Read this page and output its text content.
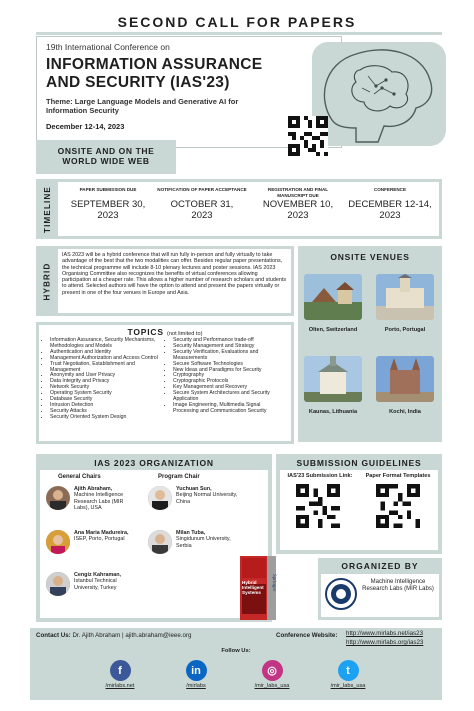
SECOND CALL FOR PAPERS
19th International Conference on
INFORMATION ASSURANCE
AND SECURITY (IAS'23)
Theme: Large Language Models and Generative AI for Information Security
December 12-14, 2023
ONSITE AND ON THE
WORLD WIDE WEB
TIMELINE	PAPER SUBMISSION DUE
SEPTEMBER 30,
2023
NOTIFICATION OF PAPER ACCEPTANCE
OCTOBER 31,
2023
REGISTRATION AND FINAL MANUSCRIPT DUE
NOVEMBER 10,
2023
CONFERENCE
DECEMBER 12-14,
2023
HYBRID
IAS 2023 will be a hybrid conference that will run fully in-person and fully virtually to take advantage of the best that the two modalities can offer. Besides regular paper presentations, the technical programme will include 8-10 plenary lectures and poster sessions. IAS 2023 Organising Committee also recognizes the benefits of virtual conferences allowing participation at a cheaper rate. This allows a higher number of research scholars and students to attend. Selected authors will have the option to attend and present the papers virtually or present in one of the four venues in Europe and Asia.
ONSITE VENUES
Olten, Switzerland	Porto, Portugal
Kaunas, Lithuania	Kochi, India
TOPICS (not limited to)
• Information Assurance, Security Mechanisms, Methodologies and Models
• Authentication and Identity
• Management Authorization and Access Control
• Trust Negotiation, Establishment and Management
• Anonymity and User Privacy
• Data Integrity and Privacy
• Network Security
• Operating System Security
• Database Security
• Intrusion Detection
• Security Attacks
• Security Oriented System Design
• Security and Performance trade-off
• Security Management and Strategy
• Security Verification, Evaluations and Measurements
• Secure Software Technologies
• New Ideas and Paradigms for Security
• Cryptography
• Cryptographic Protocols
• Key Management and Recovery
• Secure System Architectures and Security Application
• Image Engineering, Multimedia Signal Processing and Communication Security
IAS 2023 ORGANIZATION
General Chairs	Program Chair
Ajith Abraham,
Machine Intelligence Research Labs (MIR Labs), USA
Ana Maria Madureira,
ISEP, Porto, Portugal
Cengiz Kahraman,
Istanbul Technical University, Turkey
Yuchuan Sun,
Beijing Normal University, China
Milan Tuba,
Singidunum University, Serbia
SUBMISSION GUIDELINES
IAS'23 Submission Link:	Paper Format Templates
Hybrid
Intelligent
Systems
Springer
ORGANIZED BY
Machine Intelligence Research Labs (MIR Labs)
Contact Us: Dr. Ajith Abraham | ajith.abraham@ieee.org	Conference Website: http://www.mirlabs.net/ias23
http://www.mirlabs.org/ias23
Follow Us:
f
/mirlabs.net
in
/mirlabs
◎
/mir_labs_usa
t
/mir_labs_usa
